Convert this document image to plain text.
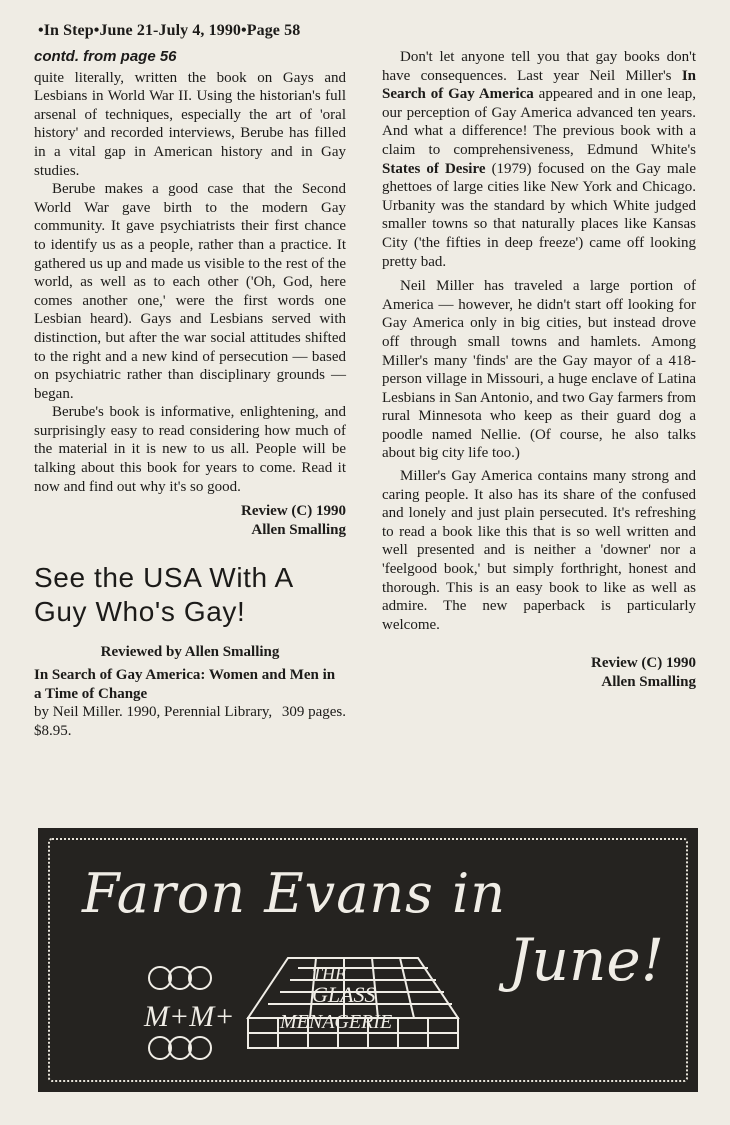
•In Step•June 21-July 4, 1990•Page 58

contd. from page 56

quite literally, written the book on Gays and Lesbians in World War II. Using the historian's full arsenal of techniques, especially the art of 'oral history' and recorded interviews, Berube has filled in a vital gap in American history and in Gay studies.

Berube makes a good case that the Second World War gave birth to the modern Gay community. It gave psychiatrists their first chance to identify us as a people, rather than a practice. It gathered us up and made us visible to the rest of the world, as well as to each other ('Oh, God, here comes another one,' were the first words one Lesbian heard). Gays and Lesbians served with distinction, but after the war social attitudes shifted to the right and a new kind of persecution — based on psychiatric rather than disciplinary grounds — began.

Berube's book is informative, enlightening, and surprisingly easy to read considering how much of the material in it is new to us all. People will be talking about this book for years to come. Read it now and find out why it's so good.

Review (C) 1990

Allen Smalling

See the USA With A Guy Who's Gay!

Reviewed by Allen Smalling

In Search of Gay America: Women and Men in a Time of Change

by Neil Miller. 1990, Perennial Library, $8.95.
309 pages.

Don't let anyone tell you that gay books don't have consequences. Last year Neil Miller's In Search of Gay America appeared and in one leap, our perception of Gay America advanced ten years. And what a difference! The previous book with a claim to comprehensiveness, Edmund White's States of Desire (1979) focused on the Gay male ghettoes of large cities like New York and Chicago. Urbanity was the standard by which White judged smaller towns so that naturally places like Kansas City ('the fifties in deep freeze') came off looking pretty bad.

Neil Miller has traveled a large portion of America — however, he didn't start off looking for Gay America only in big cities, but instead drove off through small towns and hamlets. Among Miller's many 'finds' are the Gay mayor of a 418-person village in Missouri, a huge enclave of Latina Lesbians in San Antonio, and two Gay farmers from rural Minnesota who keep as their guard dog a poodle named Nellie. (Of course, he also talks about big city life too.)

Miller's Gay America contains many strong and caring people. It also has its share of the confused and lonely and just plain persecuted. It's refreshing to read a book like this that is so well written and well presented and is neither a 'downer' nor a 'feelgood book,' but simply forthright, honest and thorough. This is an easy book to like as well as admire. The new paperback is particularly welcome.

Review (C) 1990

Allen Smalling

Faron Evans in
June!
M+M+
THE
GLASS
MENAGERIE
